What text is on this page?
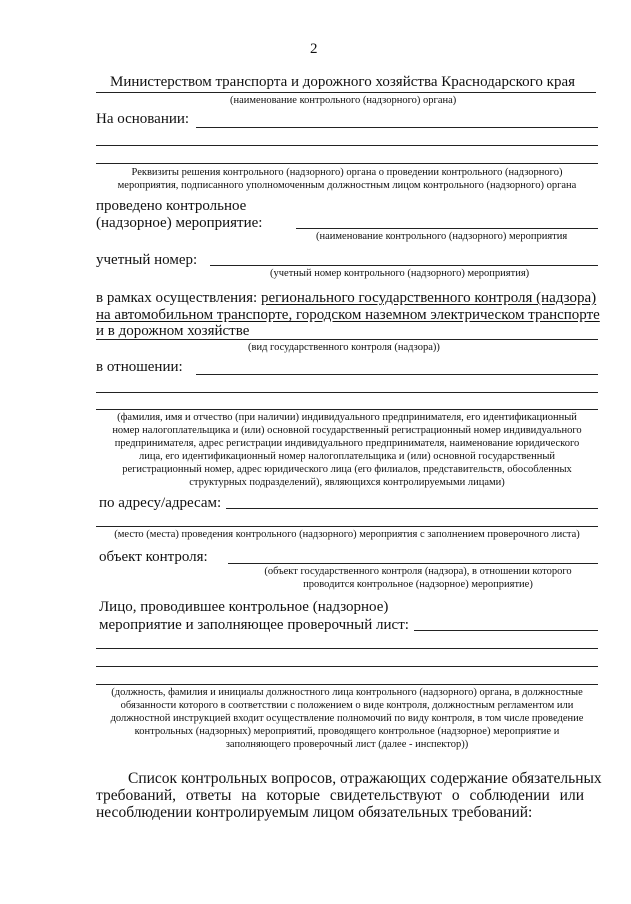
2
Министерством транспорта и дорожного хозяйства Краснодарского края
(наименование контрольного (надзорного) органа)
На основании:
Реквизиты решения контрольного (надзорного) органа о проведении контрольного (надзорного)
мероприятия, подписанного уполномоченным должностным лицом контрольного (надзорного) органа
проведено контрольное
(надзорное) мероприятие:
(наименование контрольного (надзорного) мероприятия
учетный номер:
(учетный номер контрольного (надзорного) мероприятия)
в рамках осуществления: регионального государственного контроля (надзора)
на автомобильном транспорте, городском наземном электрическом транспорте
и в дорожном хозяйстве
(вид государственного контроля (надзора))
в отношении:
(фамилия, имя и отчество (при наличии) индивидуального предпринимателя, его идентификационный
номер налогоплательщика и (или) основной государственный регистрационный номер индивидуального
предпринимателя, адрес регистрации индивидуального предпринимателя, наименование юридического
лица, его идентификационный номер налогоплательщика и (или) основной государственный
регистрационный номер, адрес юридического лица (его филиалов, представительств, обособленных
структурных подразделений), являющихся контролируемыми лицами)
по адресу/адресам:
(место (места) проведения контрольного (надзорного) мероприятия с заполнением проверочного листа)
объект контроля:
(объект государственного контроля (надзора), в отношении которого
проводится контрольное (надзорное) мероприятие)
Лицо, проводившее контрольное (надзорное)
мероприятие и заполняющее проверочный лист:
(должность, фамилия и инициалы должностного лица контрольного (надзорного) органа, в должностные
обязанности которого в соответствии с положением о виде контроля, должностным регламентом или
должностной инструкцией входит осуществление полномочий по виду контроля, в том числе проведение
контрольных (надзорных) мероприятий, проводящего контрольное (надзорное) мероприятие и
заполняющего проверочный лист (далее - инспектор))
Список контрольных вопросов, отражающих содержание обязательных
требований, ответы на которые свидетельствуют о соблюдении или
несоблюдении контролируемым лицом обязательных требований:
